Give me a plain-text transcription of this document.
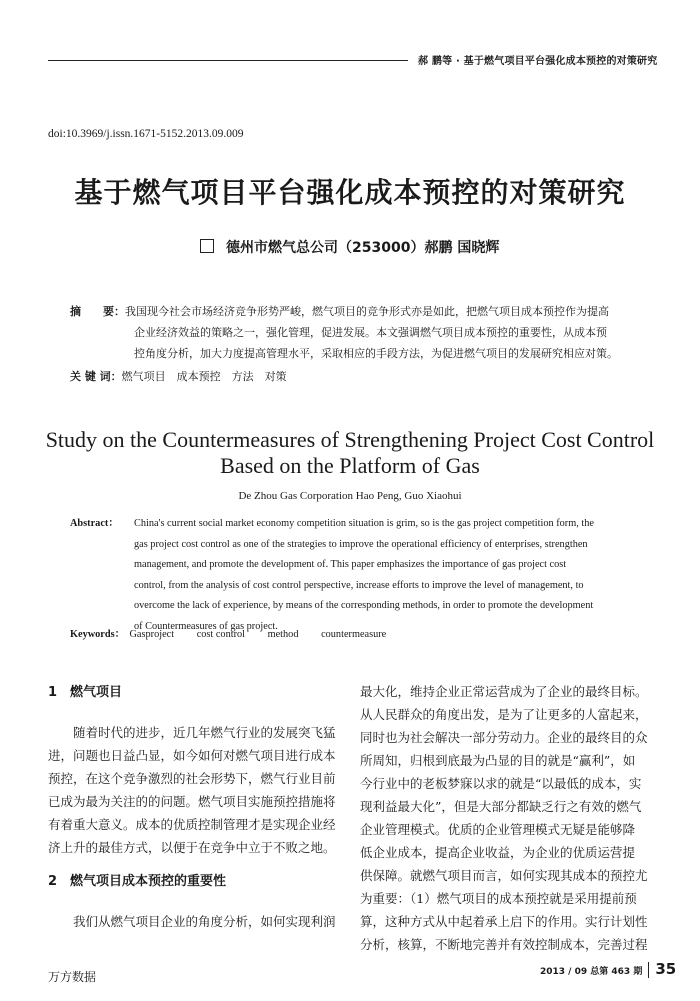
郝 鹏等 · 基于燃气项目平台强化成本预控的对策研究
doi:10.3969/j.issn.1671-5152.2013.09.009
基于燃气项目平台强化成本预控的对策研究
德州市燃气总公司（253000）郝鹏 国晓辉
摘　　要：我国现今社会市场经济竞争形势严峻，燃气项目的竞争形式亦是如此，把燃气项目成本预控作为提高
企业经济效益的策略之一，强化管理，促进发展。本文强调燃气项目成本预控的重要性，从成本预
控角度分析，加大力度提高管理水平，采取相应的手段方法，为促进燃气项目的发展研究相应对策。
关 键 词：燃气项目　成本预控　方法　对策
Study on the Countermeasures of Strengthening Project Cost Control
Based on the Platform of Gas
De Zhou Gas Corporation Hao Peng, Guo Xiaohui
Abstract： China's current social market economy competition situation is grim, so is the gas project competition form, the
gas project cost control as one of the strategies to improve the operational efficiency of enterprises, strengthen
management, and promote the development of. This paper emphasizes the importance of gas project cost
control, from the analysis of cost control perspective, increase efforts to improve the level of management, to
overcome the lack of experience, by means of the corresponding methods, in order to promote the development
of Countermeasures of gas project.
Keywords： Gasproject cost control method countermeasure
1　燃气项目
随着时代的进步，近几年燃气行业的发展突飞猛
进，问题也日益凸显，如今如何对燃气项目进行成本
预控，在这个竞争激烈的社会形势下，燃气行业目前
已成为最为关注的的问题。燃气项目实施预控措施将
有着重大意义。成本的优质控制管理才是实现企业经
济上升的最佳方式，以便于在竞争中立于不败之地。
2　燃气项目成本预控的重要性
我们从燃气项目企业的角度分析，如何实现利润
最大化，维持企业正常运营成为了企业的最终目标。
从人民群众的角度出发，是为了让更多的人富起来，
同时也为社会解决一部分劳动力。企业的最终目的众
所周知，归根到底最为凸显的目的就是“赢利”，如
今行业中的老板梦寐以求的就是“以最低的成本，实
现利益最大化”，但是大部分都缺乏行之有效的燃气
企业管理模式。优质的企业管理模式无疑是能够降
低企业成本，提高企业收益，为企业的优质运营提
供保障。就燃气项目而言，如何实现其成本的预控尤
为重要：（1）燃气项目的成本预控就是采用提前预
算，这种方式从中起着承上启下的作用。实行计划性
分析，核算，不断地完善并有效控制成本，完善过程
万方数据	2013 / 09 总第 463 期 35
